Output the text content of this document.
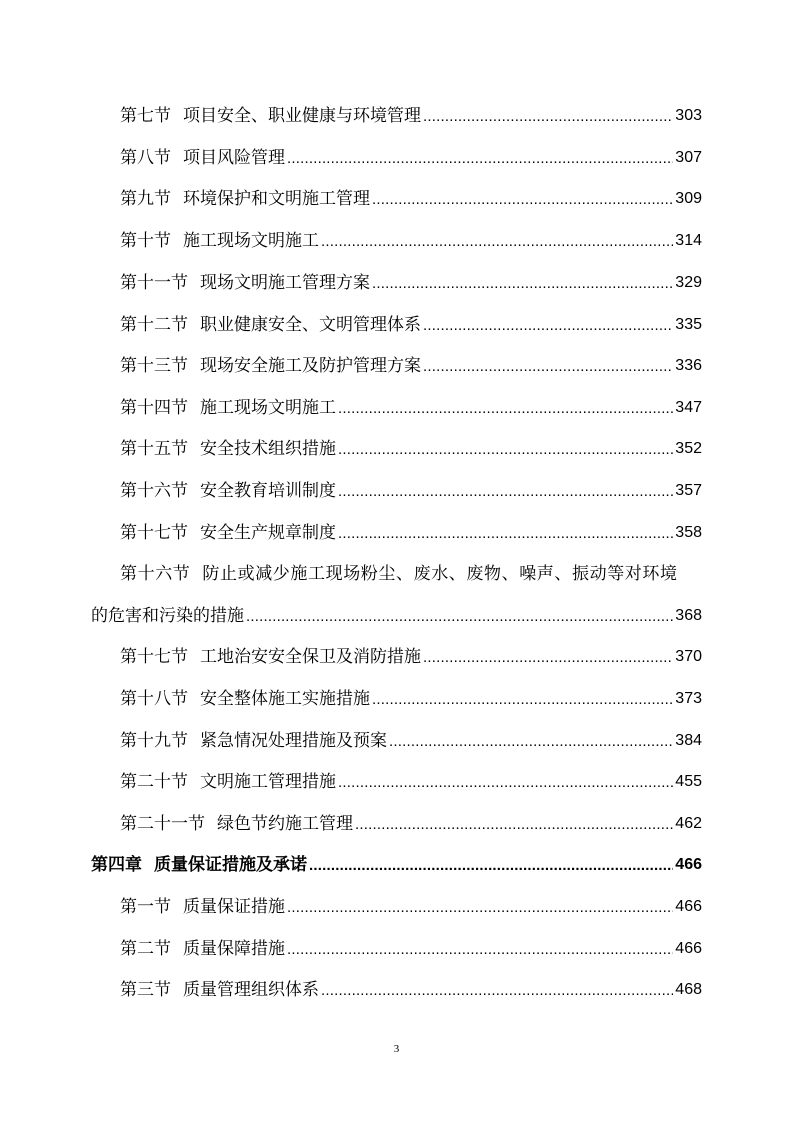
第七节 项目安全、职业健康与环境管理 .....	303
第八节 项目风险管理 .....	307
第九节 环境保护和文明施工管理 .....	309
第十节 施工现场文明施工 .....	314
第十一节 现场文明施工管理方案 .....	329
第十二节 职业健康安全、文明管理体系 .....	335
第十三节 现场安全施工及防护管理方案 .....	336
第十四节 施工现场文明施工 .....	347
第十五节 安全技术组织措施 .....	352
第十六节 安全教育培训制度 .....	357
第十七节 安全生产规章制度 .....	358
第十六节 防止或减少施工现场粉尘、废水、废物、噪声、振动等对环境
的危害和污染的措施 .....	368
第十七节 工地治安安全保卫及消防措施 .....	370
第十八节 安全整体施工实施措施 .....	373
第十九节 紧急情况处理措施及预案 .....	384
第二十节 文明施工管理措施 .....	455
第二十一节 绿色节约施工管理 .....	462
第四章 质量保证措施及承诺 .....	466
第一节 质量保证措施 .....	466
第二节 质量保障措施 .....	466
第三节 质量管理组织体系 .....	468
3
